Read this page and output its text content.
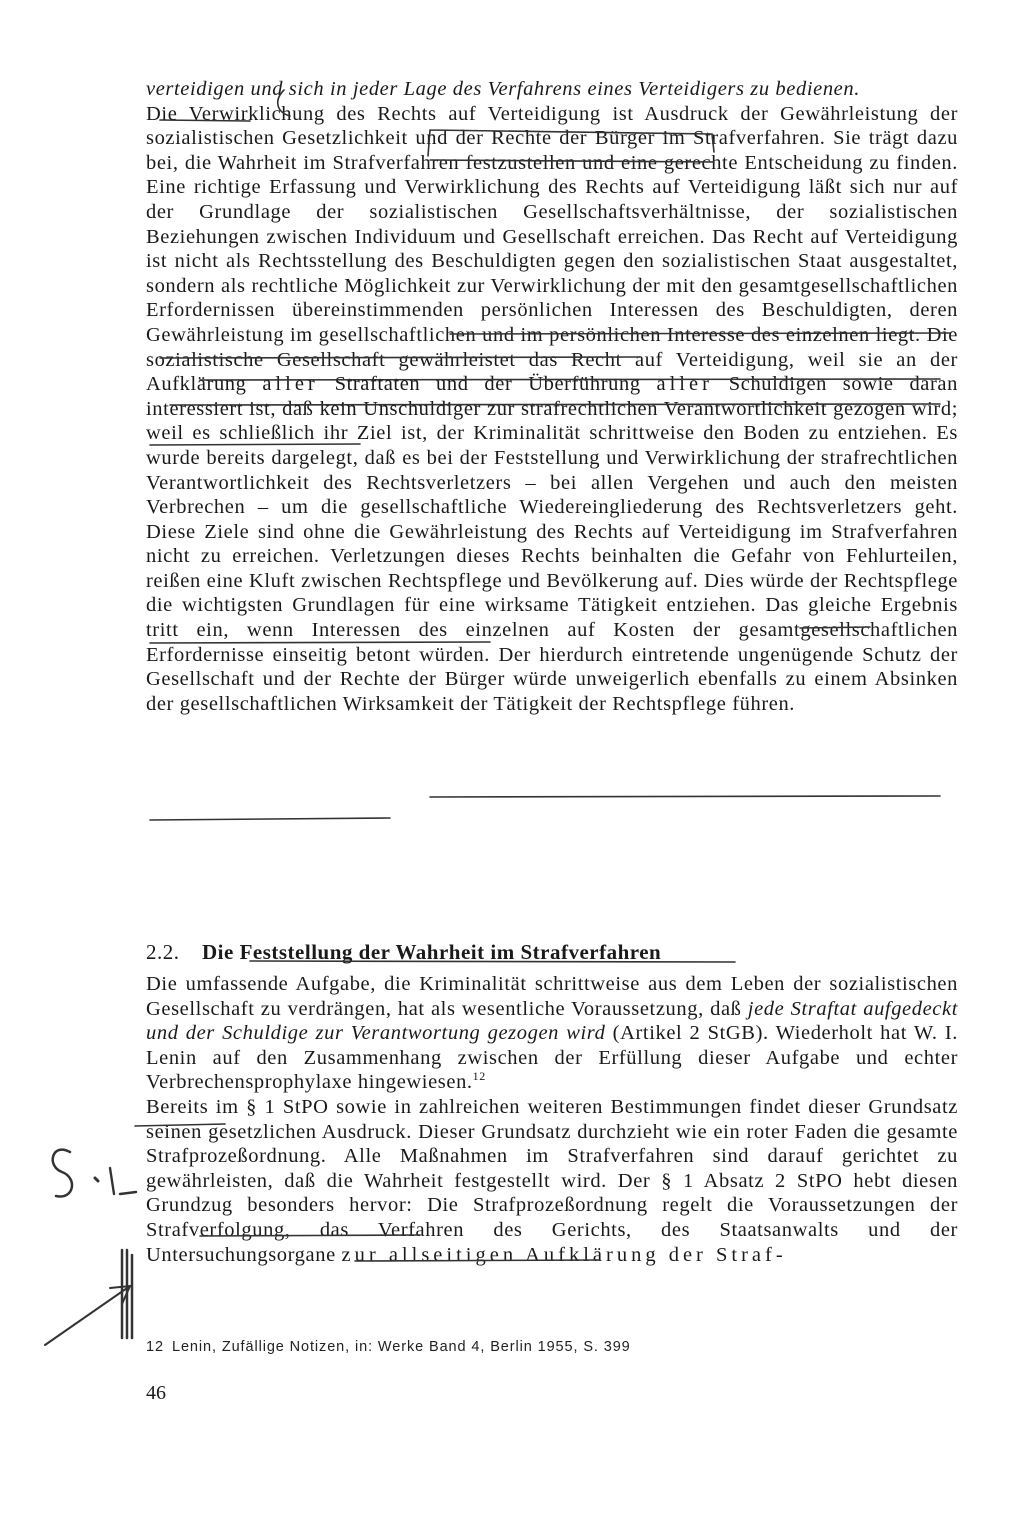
verteidigen und sich in jeder Lage des Verfahrens eines Verteidigers zu bedienen.

Die Verwirklichung des Rechts auf Verteidigung ist Ausdruck der Gewährleistung der sozialistischen Gesetzlichkeit und der Rechte der Bürger im Strafverfahren. Sie trägt dazu bei, die Wahrheit im Strafverfahren festzustellen und eine gerechte Entscheidung zu finden. Eine richtige Erfassung und Verwirklichung des Rechts auf Verteidigung läßt sich nur auf der Grundlage der sozialistischen Gesellschaftsverhältnisse, der sozialistischen Beziehungen zwischen Individuum und Gesellschaft erreichen. Das Recht auf Verteidigung ist nicht als Rechtsstellung des Beschuldigten gegen den sozialistischen Staat ausgestaltet, sondern als rechtliche Möglichkeit zur Verwirklichung der mit den gesamtgesellschaftlichen Erfordernissen übereinstimmenden persönlichen Interessen des Beschuldigten, deren Gewährleistung im gesellschaftlichen und im persönlichen Interesse des einzelnen liegt. Die sozialistische Gesellschaft gewährleistet das Recht auf Verteidigung, weil sie an der Aufklärung aller Straftaten und der Überführung aller Schuldigen sowie daran interessiert ist, daß kein Unschuldiger zur strafrechtlichen Verantwortlichkeit gezogen wird; weil es schließlich ihr Ziel ist, der Kriminalität schrittweise den Boden zu entziehen. Es wurde bereits dargelegt, daß es bei der Feststellung und Verwirklichung der strafrechtlichen Verantwortlichkeit des Rechtsverletzers – bei allen Vergehen und auch den meisten Verbrechen – um die gesellschaftliche Wiedereingliederung des Rechtsverletzers geht. Diese Ziele sind ohne die Gewährleistung des Rechts auf Verteidigung im Strafverfahren nicht zu erreichen. Verletzungen dieses Rechts beinhalten die Gefahr von Fehlurteilen, reißen eine Kluft zwischen Rechtspflege und Bevölkerung auf. Dies würde der Rechtspflege die wichtigsten Grundlagen für eine wirksame Tätigkeit entziehen. Das gleiche Ergebnis tritt ein, wenn Interessen des einzelnen auf Kosten der gesamtgesellschaftlichen Erfordernisse einseitig betont würden. Der hierdurch eintretende ungenügende Schutz der Gesellschaft und der Rechte der Bürger würde unweigerlich ebenfalls zu einem Absinken der gesellschaftlichen Wirksamkeit der Tätigkeit der Rechtspflege führen.

2.2. Die Feststellung der Wahrheit im Strafverfahren

Die umfassende Aufgabe, die Kriminalität schrittweise aus dem Leben der sozialistischen Gesellschaft zu verdrängen, hat als wesentliche Voraussetzung, daß jede Straftat aufgedeckt und der Schuldige zur Verantwortung gezogen wird (Artikel 2 StGB). Wiederholt hat W. I. Lenin auf den Zusammenhang zwischen der Erfüllung dieser Aufgabe und echter Verbrechensprophylaxe hingewiesen.$^{12}$

Bereits im § 1 StPO sowie in zahlreichen weiteren Bestimmungen findet dieser Grundsatz seinen gesetzlichen Ausdruck. Dieser Grundsatz durchzieht wie ein roter Faden die gesamte Strafprozeßordnung. Alle Maßnahmen im Strafverfahren sind darauf gerichtet zu gewährleisten, daß die Wahrheit festgestellt wird. Der § 1 Absatz 2 StPO hebt diesen Grundzug besonders hervor: Die Strafprozeßordnung regelt die Voraussetzungen der Strafverfolgung, das Verfahren des Gerichts, des Staatsanwalts und der Untersuchungsorgane zur allseitigen Aufklärung der Straf-

12 Lenin, Zufällige Notizen, in: Werke Band 4, Berlin 1955, S. 399
46
